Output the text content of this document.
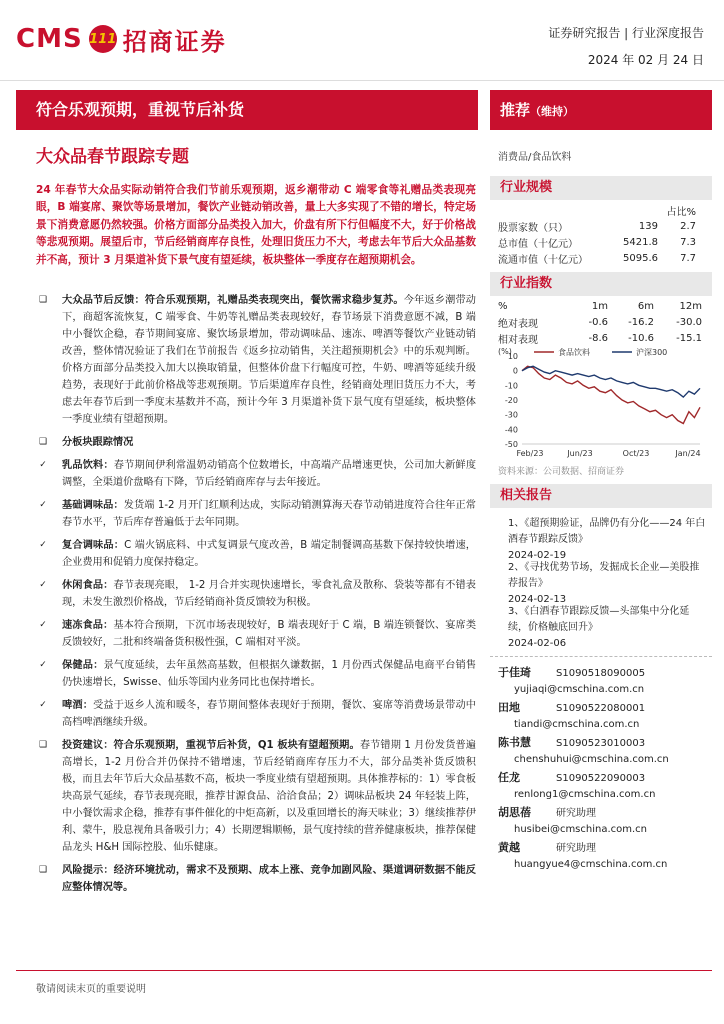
CMS 111 招商证券	证券研究报告 | 行业深度报告
2024 年 02 月 24 日
符合乐观预期，重视节后补货	推荐（维持）
大众品春节跟踪专题	消费品/食品饮料
24 年春节大众品实际动销符合我们节前乐观预期，返乡潮带动 C 端零食等礼赠品类表现亮眼，B 端宴席、聚饮等场景增加，餐饮产业链动销改善，量上大多实现了不错的增长，特定场景下消费意愿仍然较强。价格方面部分品类投入加大，价盘有所下行但幅度不大，好于价格战等悲观预期。展望后市，节后经销商库存良性，处理旧货压力不大，考虑去年节后大众品基数并不高，预计 3 月渠道补货下景气度有望延续，板块整体一季度存在超预期机会。
❑ 大众品节后反馈：符合乐观预期，礼赠品类表现突出，餐饮需求稳步复苏。今年返乡潮带动下，商超客流恢复，C 端零食、牛奶等礼赠品类表现较好，春节场景下消费意愿不减，B 端中小餐饮企稳，春节期间宴席、聚饮场景增加，带动调味品、速冻、啤酒等餐饮产业链动销改善，整体情况验证了我们在节前报告《返乡拉动销售，关注超预期机会》中的乐观判断。价格方面部分品类投入加大以换取销量，但整体价盘下行幅度可控，牛奶、啤酒等延续升级趋势，表现好于此前价格战等悲观预期。节后渠道库存良性，经销商处理旧货压力不大，考虑去年春节后到一季度末基数并不高，预计今年 3 月渠道补货下景气度有望延续，板块整体一季度业绩有望超预期。
❑ 分板块跟踪情况
✓	乳品饮料：春节期间伊利常温奶动销高个位数增长，中高端产品增速更快，公司加大新鲜度调整，全渠道价盘略有下降，节后经销商库存与去年接近。
✓	基础调味品：发货端 1-2 月开门红顺利达成，实际动销测算海天春节动销进度符合往年正常春节水平，节后库存普遍低于去年同期。
✓	复合调味品：C 端火锅底料、中式复调景气度改善，B 端定制餐调高基数下保持较快增速，企业费用和促销力度保持稳定。
✓	休闲食品：春节表现亮眼， 1-2 月合并实现快速增长，零食礼盒及散称、袋装等都有不错表现，未发生激烈价格战，节后经销商补货反馈较为积极。
✓	速冻食品：基本符合预期，下沉市场表现较好，B 端表现好于 C 端，B 端连锁餐饮、宴席类反馈较好，二批和终端备货积极性强，C 端相对平淡。
✓	保健品：景气度延续，去年虽然高基数，但根据久谦数据，1 月份西式保健品电商平台销售仍快速增长，Swisse、仙乐等国内业务同比也保持增长。
✓	啤酒：受益于返乡人流和暖冬，春节期间整体表现好于预期，餐饮、宴席等消费场景带动中高档啤酒继续升级。
❑ 投资建议：符合乐观预期，重视节后补货，Q1 板块有望超预期。春节错期 1 月份发货普遍高增长，1-2 月份合并仍保持不错增速，节后经销商库存压力不大，部分品类补货反馈积极，而且去年节后大众品基数不高，板块一季度业绩有望超预期。具体推荐标的：1）零食板块高景气延续，春节表现亮眼，推荐甘源食品、洽洽食品；2）调味品板块 24 年轻装上阵，中小餐饮需求企稳，推荐有事件催化的中炬高新，以及重回增长的海天味业；3）继续推荐伊利、蒙牛，股息视角具备吸引力；4）长期逻辑顺畅，景气度持续的营养健康板块，推荐保健品龙头 H&H 国际控股、仙乐健康。
❑ 风险提示：经济环境扰动，需求不及预期、成本上涨、竞争加剧风险、渠道调研数据不能反应整体情况等。
行业规模
占比%
股票家数（只）	139	2.7
总市值（十亿元）	5421.8	7.3
流通市值（十亿元）	5095.6	7.7
行业指数
%	1m	6m	12m
绝对表现	-0.6	-16.2	-30.0
相对表现	-8.6	-10.6	-15.1
(%)
10
0
-10
-20
-30
-40
-50
Feb/23	Jun/23	Oct/23	Jan/24
食品饮料	沪深300
资料来源：公司数据、招商证券
相关报告
1、《超预期验证，品牌仍有分化——24 年白酒春节跟踪反馈》
2024-02-19
2、《寻找优势节场，发掘成长企业—美股推荐报告》
2024-02-13
3、《白酒春节跟踪反馈—头部集中分化延续，价格触底回升》
2024-02-06
于佳琦	S1090518090005
yujiaqi@cmschina.com.cn
田地	S1090522080001
tiandi@cmschina.com.cn
陈书慧	S1090523010003
chenshuhui@cmschina.com.cn
任龙	S1090522090003
renlong1@cmschina.com.cn
胡思蓓	研究助理
husibei@cmschina.com.cn
黄越	研究助理
huangyue4@cmschina.com.cn
敬请阅读末页的重要说明
